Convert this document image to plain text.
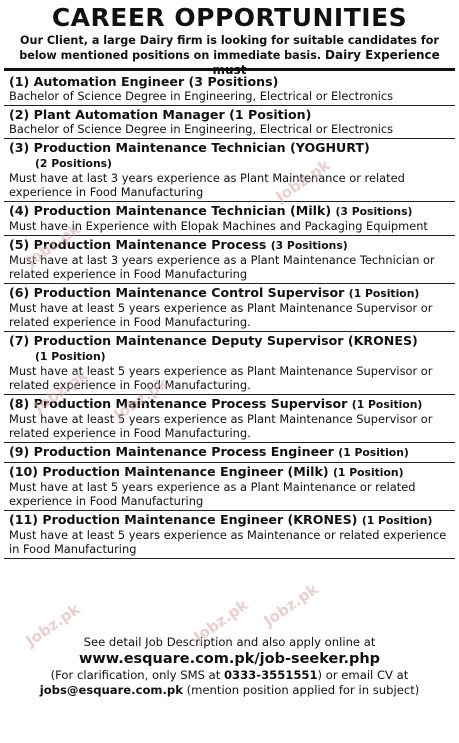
CAREER OPPORTUNITIES
Our Client, a large Dairy firm is looking for suitable candidates for below mentioned positions on immediate basis. Dairy Experience
(1) Automation Engineer (3 Positions)
Bachelor of Science Degree in Engineering, Electrical or Electronics
(2) Plant Automation Manager (1 Position)
Bachelor of Science Degree in Engineering, Electrical or Electronics
(3) Production Maintenance Technician (YOGHURT)
(2 Positions)
Must have at last 3 years experience as Plant Maintenance or related experience in Food Manufacturing
(4) Production Maintenance Technician (Milk) (3 Positions)
Must have in Experience with Elopak Machines and Packaging Equipment
(5) Production Maintenance Process (3 Positions)
Must have at last 3 years experience as a Plant Maintenance Technician or related experience in Food Manufacturing
(6) Production Maintenance Control Supervisor (1 Position)
Must have at least 5 years experience as Plant Maintenance Supervisor or related experience in Food Manufacturing.
(7) Production Maintenance Deputy Supervisor (KRONES)
(1 Position)
Must have at least 5 years experience as Plant Maintenance Supervisor or related experience in Food Manufacturing.
(8) Production Maintenance Process Supervisor (1 Position)
Must have at least 5 years experience as Plant Maintenance Supervisor or related experience in Food Manufacturing.
(9) Production Maintenance Process Engineer (1 Position)
(10) Production Maintenance Engineer (Milk) (1 Position)
Must have at last 5 years experience as a Plant Maintenance or related experience in Food Manufacturing
(11) Production Maintenance Engineer (KRONES) (1 Position)
Must have at least 5 years experience as Maintenance or related experience in Food Manufacturing
See detail Job Description and also apply online at
www.esquare.com.pk/job-seeker.php
(For clarification, only SMS at 0333-3551551) or email CV at
jobs@esquare.com.pk (mention position applied for in subject)
Jobz.pk
Jobz.pk
Jobz.pk Jobz.pk
Jobz.pk	Jobz.pk Jobz.pk
